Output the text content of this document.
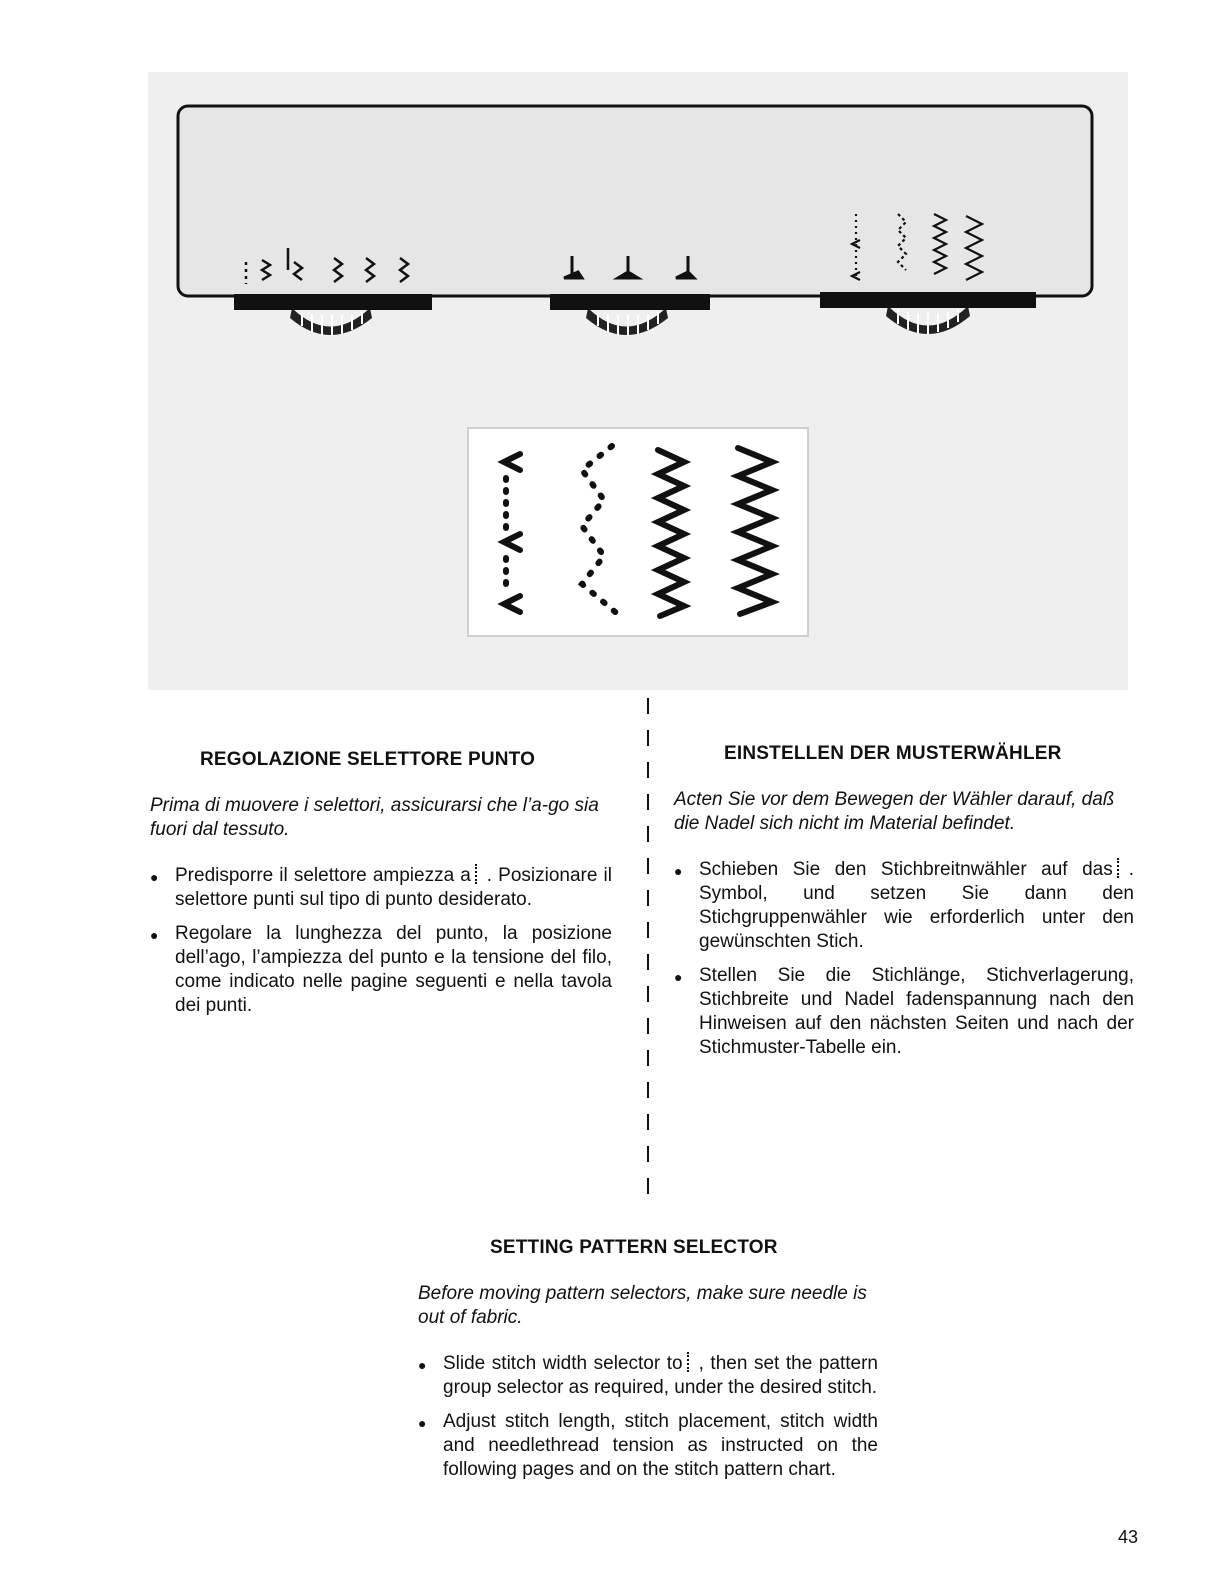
REGOLAZIONE SELETTORE PUNTO

Prima di muovere i selettori, assicurarsi che l’a-go sia fuori dal tessuto.

● Predisporre il selettore ampiezza a . Posizionare il selettore punti sul tipo di punto desiderato.
● Regolare la lunghezza del punto, la posizione dell’ago, l’ampiezza del punto e la tensione del filo, come indicato nelle pagine seguenti e nella tavola dei punti.
EINSTELLEN DER MUSTERWÄHLER

Acten Sie vor dem Bewegen der Wähler darauf, daß die Nadel sich nicht im Material befindet.

● Schieben Sie den Stichbreitnwähler auf das . Symbol, und setzen Sie dann den Stichgruppenwähler wie erforderlich unter den gewünschten Stich.
● Stellen Sie die Stichlänge, Stichverlagerung, Stichbreite und Nadel fadenspannung nach den Hinweisen auf den nächsten Seiten und nach der Stichmuster-Tabelle ein.
SETTING PATTERN SELECTOR

Before moving pattern selectors, make sure needle is out of fabric.

● Slide stitch width selector to , then set the pattern group selector as required, under the desired stitch.
● Adjust stitch length, stitch placement, stitch width and needlethread tension as instructed on the following pages and on the stitch pattern chart.
43
